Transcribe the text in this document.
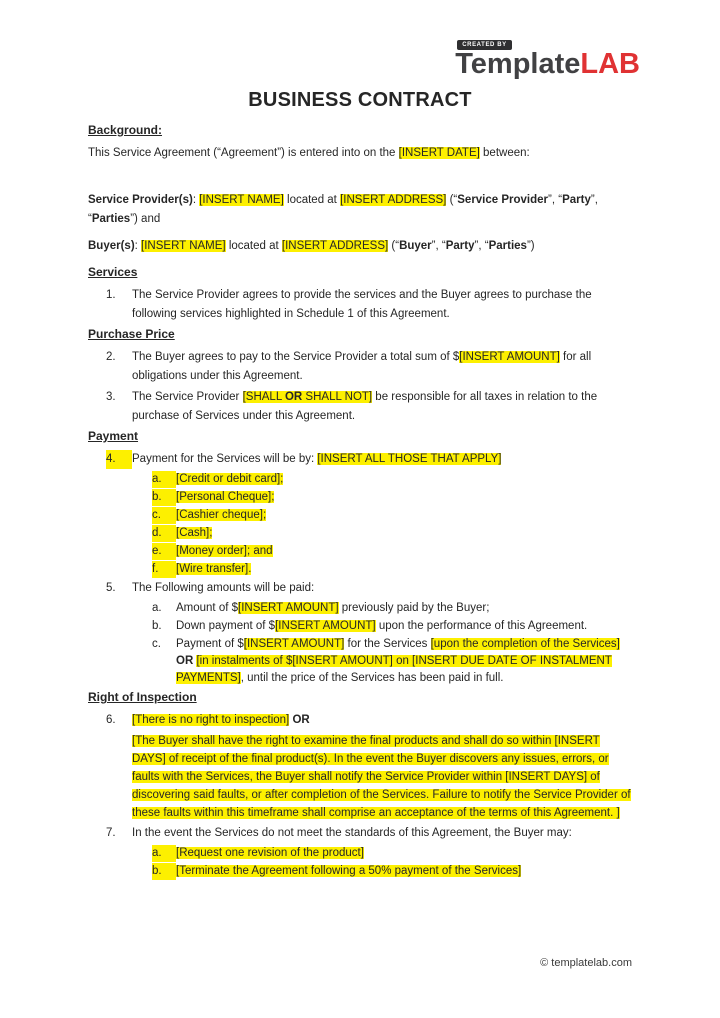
CREATED BY
TemplateLAB
BUSINESS CONTRACT
Background:
This Service Agreement (“Agreement”) is entered into on the [INSERT DATE] between:
Service Provider(s): [INSERT NAME] located at [INSERT ADDRESS] (“Service Provider”, “Party”, “Parties”) and
Buyer(s): [INSERT NAME] located at [INSERT ADDRESS] (“Buyer”, “Party”, “Parties”)
Services
1.	The Service Provider agrees to provide the services and the Buyer agrees to purchase the following services highlighted in Schedule 1 of this Agreement.
Purchase Price
2.	The Buyer agrees to pay to the Service Provider a total sum of $[INSERT AMOUNT] for all obligations under this Agreement.
3.	The Service Provider [SHALL OR SHALL NOT] be responsible for all taxes in relation to the purchase of Services under this Agreement.
Payment
4.	Payment for the Services will be by: [INSERT ALL THOSE THAT APPLY]
a.	[Credit or debit card];
b.	[Personal Cheque];
c.	[Cashier cheque];
d.	[Cash];
e.	[Money order]; and
f.	[Wire transfer].
5.	The Following amounts will be paid:
a.	Amount of $[INSERT AMOUNT] previously paid by the Buyer;
b.	Down payment of $[INSERT AMOUNT] upon the performance of this Agreement.
c.	Payment of $[INSERT AMOUNT] for the Services [upon the completion of the Services] OR [in instalments of $[INSERT AMOUNT] on [INSERT DUE DATE OF INSTALMENT PAYMENTS], until the price of the Services has been paid in full.
Right of Inspection
6.	[There is no right to inspection] OR
[The Buyer shall have the right to examine the final products and shall do so within [INSERT DAYS] of receipt of the final product(s). In the event the Buyer discovers any issues, errors, or faults with the Services, the Buyer shall notify the Service Provider within [INSERT DAYS] of discovering said faults, or after completion of the Services. Failure to notify the Service Provider of these faults within this timeframe shall comprise an acceptance of the terms of this Agreement. ]
7.	In the event the Services do not meet the standards of this Agreement, the Buyer may:
a.	[Request one revision of the product]
b.	[Terminate the Agreement following a 50% payment of the Services]
© templatelab.com
